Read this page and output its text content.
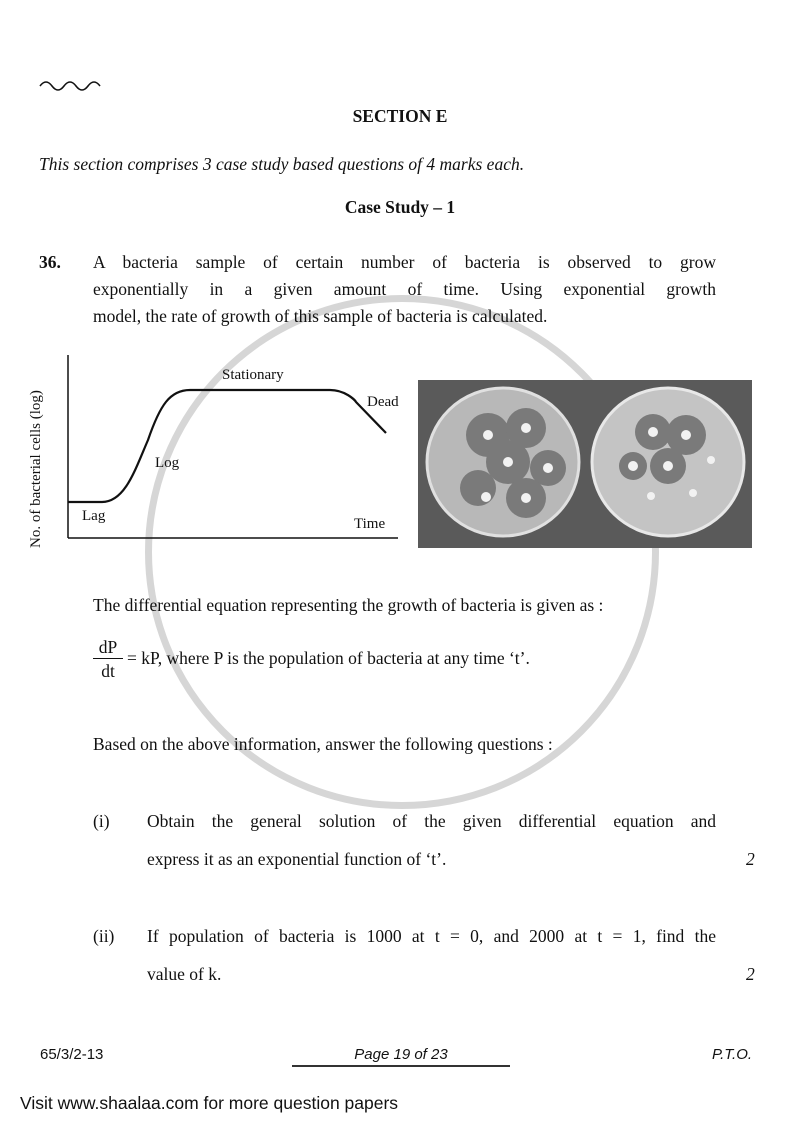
SECTION E
This section comprises 3 case study based questions of 4 marks each.
Case Study – 1
36. A bacteria sample of certain number of bacteria is observed to grow
exponentially in a given amount of time. Using exponential growth
model, the rate of growth of this sample of bacteria is calculated.
No. of bacterial cells (log)	Time
Lag
Log
Stationary
Dead
The differential equation representing the growth of bacteria is given as :
dP
dt
= kP, where P is the population of bacteria at any time ‘t’.
Based on the above information, answer the following questions :
(i) Obtain the general solution of the given differential equation and
express it as an exponential function of ‘t’.	2
(ii) If population of bacteria is 1000 at t = 0, and 2000 at t = 1, find the
value of k.	2
65/3/2-13	Page 19 of 23	P.T.O.
Visit www.shaalaa.com for more question papers
